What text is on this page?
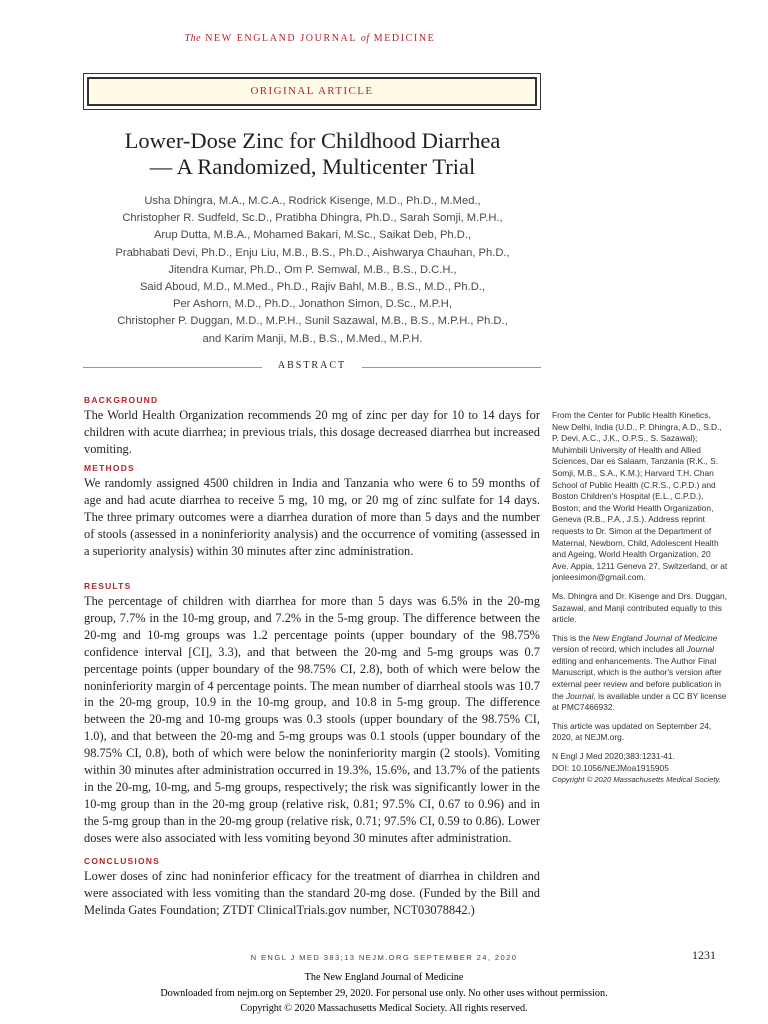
The NEW ENGLAND JOURNAL of MEDICINE
ORIGINAL ARTICLE
Lower-Dose Zinc for Childhood Diarrhea
— A Randomized, Multicenter Trial
Usha Dhingra, M.A., M.C.A., Rodrick Kisenge, M.D., Ph.D., M.Med.,
Christopher R. Sudfeld, Sc.D., Pratibha Dhingra, Ph.D., Sarah Somji, M.P.H.,
Arup Dutta, M.B.A., Mohamed Bakari, M.Sc., Saikat Deb, Ph.D.,
Prabhabati Devi, Ph.D., Enju Liu, M.B., B.S., Ph.D., Aishwarya Chauhan, Ph.D.,
Jitendra Kumar, Ph.D., Om P. Semwal, M.B., B.S., D.C.H.,
Said Aboud, M.D., M.Med., Ph.D., Rajiv Bahl, M.B., B.S., M.D., Ph.D.,
Per Ashorn, M.D., Ph.D., Jonathon Simon, D.Sc., M.P.H,
Christopher P. Duggan, M.D., M.P.H., Sunil Sazawal, M.B., B.S., M.P.H., Ph.D.,
and Karim Manji, M.B., B.S., M.Med., M.P.H.
ABSTRACT
BACKGROUND
The World Health Organization recommends 20 mg of zinc per day for 10 to 14 days for children with acute diarrhea; in previous trials, this dosage decreased diarrhea but increased vomiting.
METHODS
We randomly assigned 4500 children in India and Tanzania who were 6 to 59 months of age and had acute diarrhea to receive 5 mg, 10 mg, or 20 mg of zinc sulfate for 14 days. The three primary outcomes were a diarrhea duration of more than 5 days and the number of stools (assessed in a noninferiority analysis) and the occurrence of vomiting (assessed in a superiority analysis) within 30 minutes after zinc administration.
RESULTS
The percentage of children with diarrhea for more than 5 days was 6.5% in the 20-mg group, 7.7% in the 10-mg group, and 7.2% in the 5-mg group. The difference between the 20-mg and 10-mg groups was 1.2 percentage points (upper boundary of the 98.75% confidence interval [CI], 3.3), and that between the 20-mg and 5-mg groups was 0.7 percentage points (upper boundary of the 98.75% CI, 2.8), both of which were below the noninferiority margin of 4 percentage points. The mean number of diarrheal stools was 10.7 in the 20-mg group, 10.9 in the 10-mg group, and 10.8 in 5-mg group. The difference between the 20-mg and 10-mg groups was 0.3 stools (upper boundary of the 98.75% CI, 1.0), and that between the 20-mg and 5-mg groups was 0.1 stools (upper boundary of the 98.75% CI, 0.8), both of which were below the noninferiority margin (2 stools). Vomiting within 30 minutes after administration occurred in 19.3%, 15.6%, and 13.7% of the patients in the 20-mg, 10-mg, and 5-mg groups, respectively; the risk was significantly lower in the 10-mg group than in the 20-mg group (relative risk, 0.81; 97.5% CI, 0.67 to 0.96) and in the 5-mg group than in the 20-mg group (relative risk, 0.71; 97.5% CI, 0.59 to 0.86). Lower doses were also associated with less vomiting beyond 30 minutes after administration.
CONCLUSIONS
Lower doses of zinc had noninferior efficacy for the treatment of diarrhea in children and were associated with less vomiting than the standard 20-mg dose. (Funded by the Bill and Melinda Gates Foundation; ZTDT ClinicalTrials.gov number, NCT03078842.)

From the Center for Public Health Kinetics, New Delhi, India (U.D., P. Dhingra, A.D., S.D., P. Devi, A.C., J.K., O.P.S., S. Sazawal); Muhimbili University of Health and Allied Sciences, Dar es Salaam, Tanzania (R.K., S. Somji, M.B., S.A., K.M.); Harvard T.H. Chan School of Public Health (C.R.S., C.P.D.) and Boston Children's Hospital (E.L., C.P.D.), Boston; and the World Health Organization, Geneva (R.B., P.A., J.S.). Address reprint requests to Dr. Simon at the Department of Maternal, Newborn, Child, Adolescent Health and Ageing, World Health Organization, 20 Ave. Appia, 1211 Geneva 27, Switzerland, or at jonleesimon@gmail.com.

Ms. Dhingra and Dr. Kisenge and Drs. Duggan, Sazawal, and Manji contributed equally to this article.

This is the New England Journal of Medicine version of record, which includes all Journal editing and enhancements. The Author Final Manuscript, which is the author's version after external peer review and before publication in the Journal, is available under a CC BY license at PMC7466932.

This article was updated on September 24, 2020, at NEJM.org.

N Engl J Med 2020;383:1231-41.
DOI: 10.1056/NEJMoa1915905
Copyright © 2020 Massachusetts Medical Society.
N ENGL J MED 383;13 NEJM.ORG SEPTEMBER 24, 2020	1231
The New England Journal of Medicine
Downloaded from nejm.org on September 29, 2020. For personal use only. No other uses without permission.
Copyright © 2020 Massachusetts Medical Society. All rights reserved.
